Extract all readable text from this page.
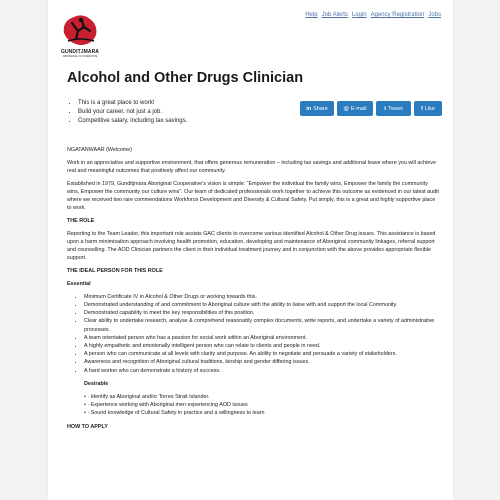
GUNDITJMARA
ABORIGINAL CO-OPERATIVE
Help Job Alerts Login Agency Registration Jobs
Alcohol and Other Drugs Clinician
• This is a great place to work!
• Build your career, not just a job.
• Competitive salary, including tax savings.
in Share	@ E-mail	t Tweet	f Like

NGATANWAAR (Welcome)

Work in an appreciative and supportive environment, that offers generous remuneration – including tax savings and additional leave where you will achieve real and meaningful outcomes that positively affect our community.

Established in 1979, Gunditjmara Aboriginal Cooperative’s vision is simple: “Empower the individual the family wins, Empower the family the community wins, Empower the community our culture wins”. Our team of dedicated professionals work together to achieve this outcome as evidenced in our latest audit where we received two rare commendations Workforce Development and Diversity & Cultural Safety. Put simply, this is a great and highly supportive place to work.

THE ROLE

Reporting to the Team Leader, this important role assists GAC clients to overcome various identified Alcohol & Other Drug issues. This assistance is based upon a harm minimisation approach involving health promotion, education, developing and maintenance of Aboriginal community linkages, referral support and counselling. The AOD Clinician partners the client in their individual treatment journey and in conjunction with the above provides appropriate flexible support.

THE IDEAL PERSON FOR THIS ROLE

Essential

• Minimum Certificate IV in Alcohol & Other Drugs or working towards this.
• Demonstrated understanding of and commitment to Aboriginal culture with the ability to liaise with and support the local Community.
• Demonstrated capability to meet the key responsibilities of this position.
• Clear ability to undertake research, analyse & comprehend reasonably complex documents, write reports, and undertake a variety of administrative processes.
• A team orientated person who has a passion for social work within an Aboriginal environment.
• A highly empathetic and emotionally intelligent person who can relate to clients and people in need.
• A person who can communicate at all levels with clarity and purpose. An ability to negotiate and persuade a variety of stakeholders.
• Awareness and recognition of Aboriginal cultural traditions, kinship and gender differing issues.
• A hard worker who can demonstrate a history of success.

Desirable

• · Identify as Aboriginal and/or Torres Strait Islander.
• · Experience working with Aboriginal men experiencing AOD issues
• · Sound knowledge of Cultural Safety in practice and a willingness to learn

HOW TO APPLY
